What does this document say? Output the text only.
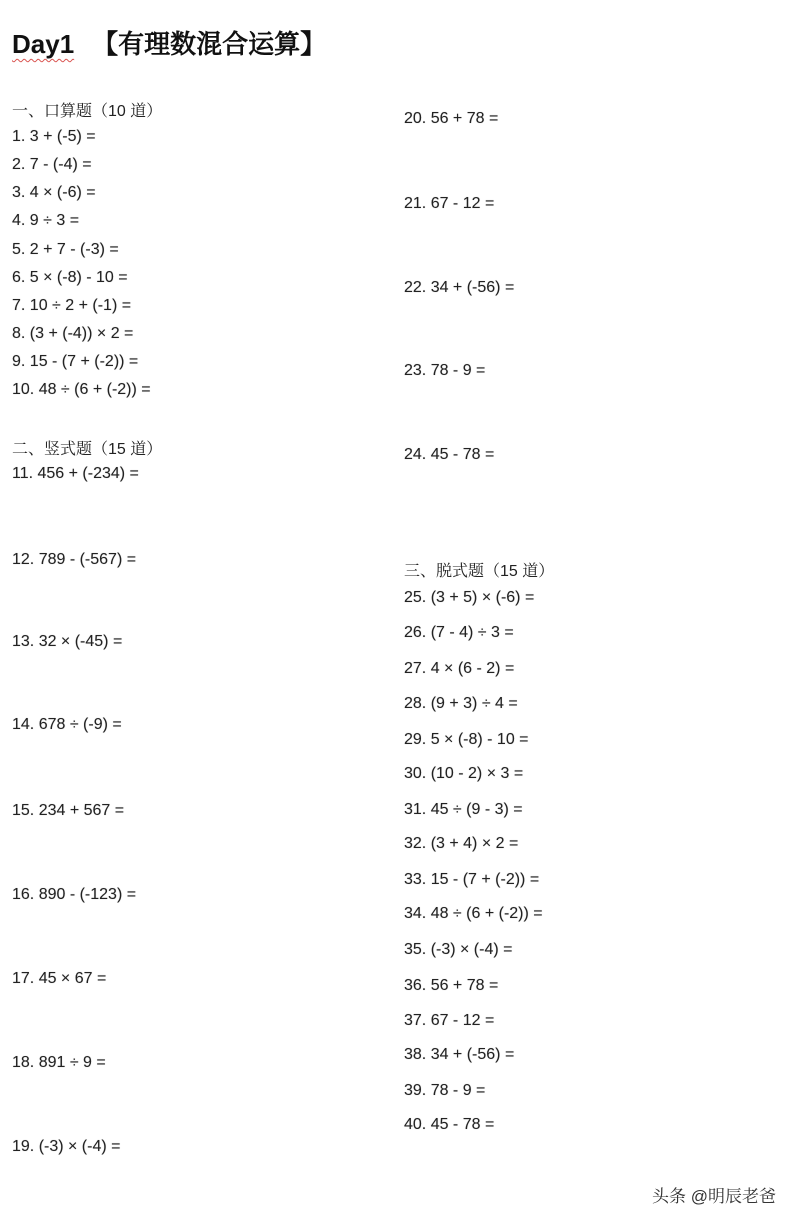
Day1 【有理数混合运算】
一、口算题（10 道）
1. 3 + (-5) =
2. 7 - (-4) =
3. 4 × (-6) =
4. 9 ÷ 3 =
5. 2 + 7 - (-3) =
6. 5 × (-8) - 10 =
7. 10 ÷ 2 + (-1) =
8. (3 + (-4)) × 2 =
9. 15 - (7 + (-2)) =
10. 48 ÷ (6 + (-2)) =
二、竖式题（15 道）
11. 456 + (-234) =
12. 789 - (-567) =
13. 32 × (-45) =
14. 678 ÷ (-9) =
15. 234 + 567 =
16. 890 - (-123) =
17. 45 × 67 =
18. 891 ÷ 9 =
19. (-3) × (-4) =
20. 56 + 78 =
21. 67 - 12 =
22. 34 + (-56) =
23. 78 - 9 =
24. 45 - 78 =
三、脱式题（15 道）
25. (3 + 5) × (-6) =
26. (7 - 4) ÷ 3 =
27. 4 × (6 - 2) =
28. (9 + 3) ÷ 4 =
29. 5 × (-8) - 10 =
30. (10 - 2) × 3 =
31. 45 ÷ (9 - 3) =
32. (3 + 4) × 2 =
33. 15 - (7 + (-2)) =
34. 48 ÷ (6 + (-2)) =
35. (-3) × (-4) =
36. 56 + 78 =
37. 67 - 12 =
38. 34 + (-56) =
39. 78 - 9 =
40. 45 - 78 =
头条 @明辰老爸
